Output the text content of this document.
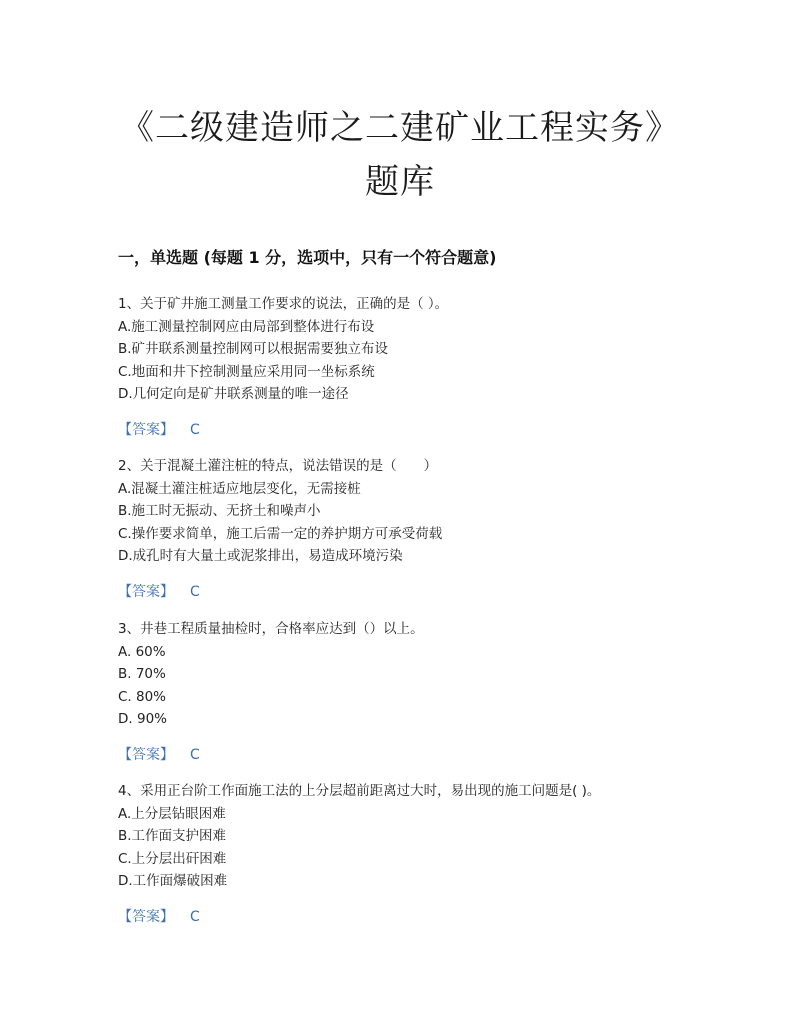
《二级建造师之二建矿业工程实务》
题库
一，单选题 (每题 1 分，选项中，只有一个符合题意)
1、关于矿井施工测量工作要求的说法，正确的是（ ）。
A.施工测量控制网应由局部到整体进行布设
B.矿井联系测量控制网可以根据需要独立布设
C.地面和井下控制测量应采用同一坐标系统
D.几何定向是矿井联系测量的唯一途径
【答案】 C
2、关于混凝土灌注桩的特点，说法错误的是（　　）
A.混凝土灌注桩适应地层变化，无需接桩
B.施工时无振动、无挤土和噪声小
C.操作要求简单，施工后需一定的养护期方可承受荷载
D.成孔时有大量土或泥浆排出，易造成环境污染
【答案】 C
3、井巷工程质量抽检时，合格率应达到（）以上。
A. 60%
B. 70%
C. 80%
D. 90%
【答案】 C
4、采用正台阶工作面施工法的上分层超前距离过大时，易出现的施工问题是( )。
A.上分层钻眼困难
B.工作面支护困难
C.上分层出矸困难
D.工作面爆破困难
【答案】 C
